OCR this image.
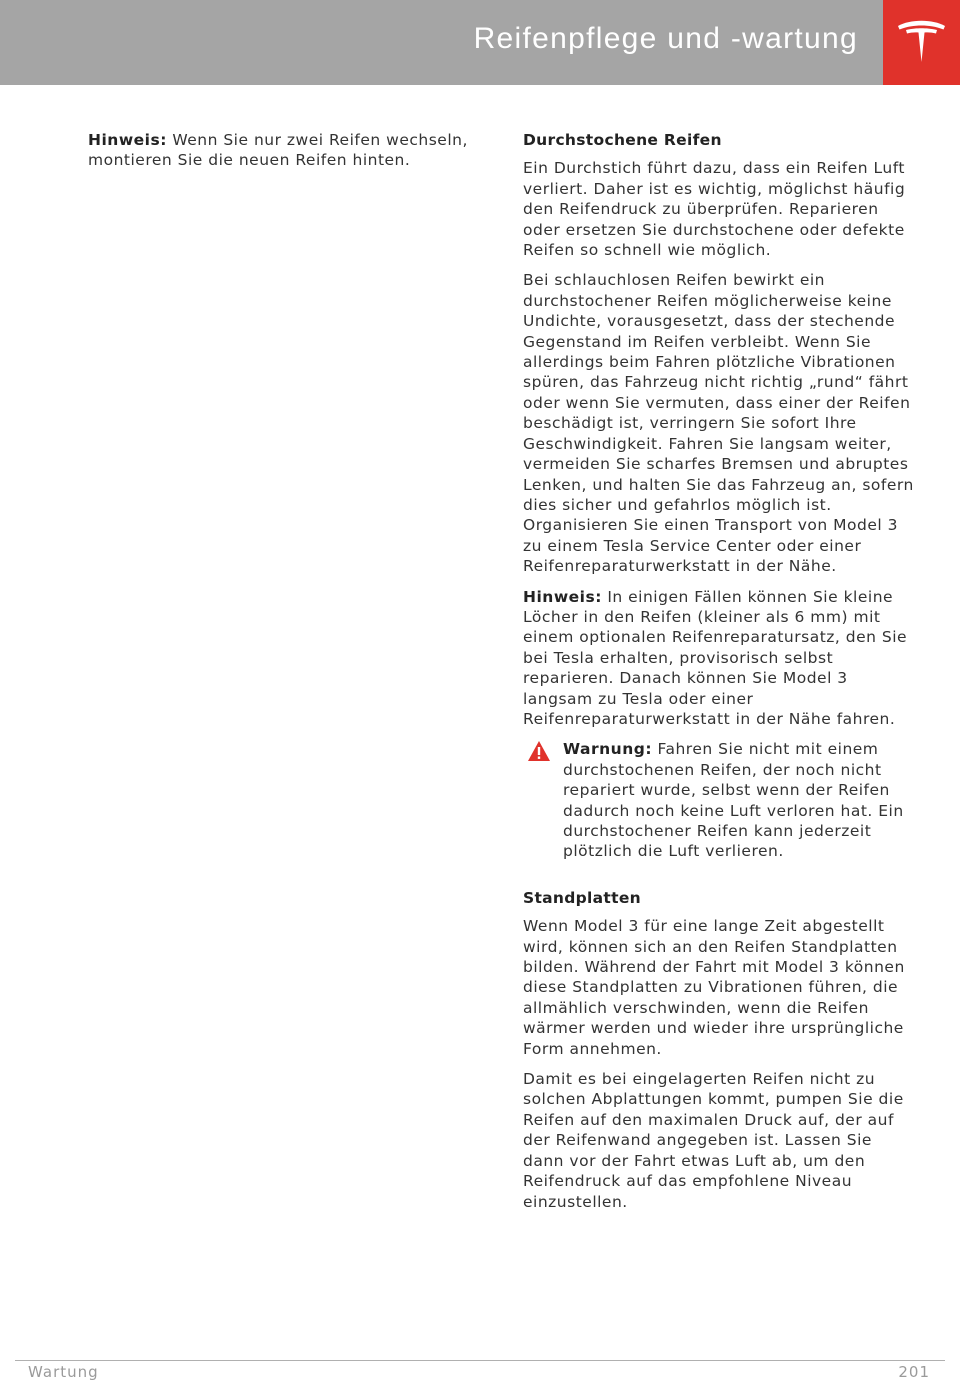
Reifenpflege und -wartung

Hinweis: Wenn Sie nur zwei Reifen wechseln, montieren Sie die neuen Reifen hinten.

Durchstochene Reifen

Ein Durchstich führt dazu, dass ein Reifen Luft verliert. Daher ist es wichtig, möglichst häufig den Reifendruck zu überprüfen. Reparieren oder ersetzen Sie durchstochene oder defekte Reifen so schnell wie möglich.

Bei schlauchlosen Reifen bewirkt ein durchstochener Reifen möglicherweise keine Undichte, vorausgesetzt, dass der stechende Gegenstand im Reifen verbleibt. Wenn Sie allerdings beim Fahren plötzliche Vibrationen spüren, das Fahrzeug nicht richtig „rund“ fährt oder wenn Sie vermuten, dass einer der Reifen beschädigt ist, verringern Sie sofort Ihre Geschwindigkeit. Fahren Sie langsam weiter, vermeiden Sie scharfes Bremsen und abruptes Lenken, und halten Sie das Fahrzeug an, sofern dies sicher und gefahrlos möglich ist. Organisieren Sie einen Transport von Model 3 zu einem Tesla Service Center oder einer Reifenreparaturwerkstatt in der Nähe.

Hinweis: In einigen Fällen können Sie kleine Löcher in den Reifen (kleiner als 6 mm) mit einem optionalen Reifenreparatursatz, den Sie bei Tesla erhalten, provisorisch selbst reparieren. Danach können Sie Model 3 langsam zu Tesla oder einer Reifenreparaturwerkstatt in der Nähe fahren.

Warnung: Fahren Sie nicht mit einem durchstochenen Reifen, der noch nicht repariert wurde, selbst wenn der Reifen dadurch noch keine Luft verloren hat. Ein durchstochener Reifen kann jederzeit plötzlich die Luft verlieren.

Standplatten

Wenn Model 3 für eine lange Zeit abgestellt wird, können sich an den Reifen Standplatten bilden. Während der Fahrt mit Model 3 können diese Standplatten zu Vibrationen führen, die allmählich verschwinden, wenn die Reifen wärmer werden und wieder ihre ursprüngliche Form annehmen.

Damit es bei eingelagerten Reifen nicht zu solchen Abplattungen kommt, pumpen Sie die Reifen auf den maximalen Druck auf, der auf der Reifenwand angegeben ist. Lassen Sie dann vor der Fahrt etwas Luft ab, um den Reifendruck auf das empfohlene Niveau einzustellen.

Wartung	201
